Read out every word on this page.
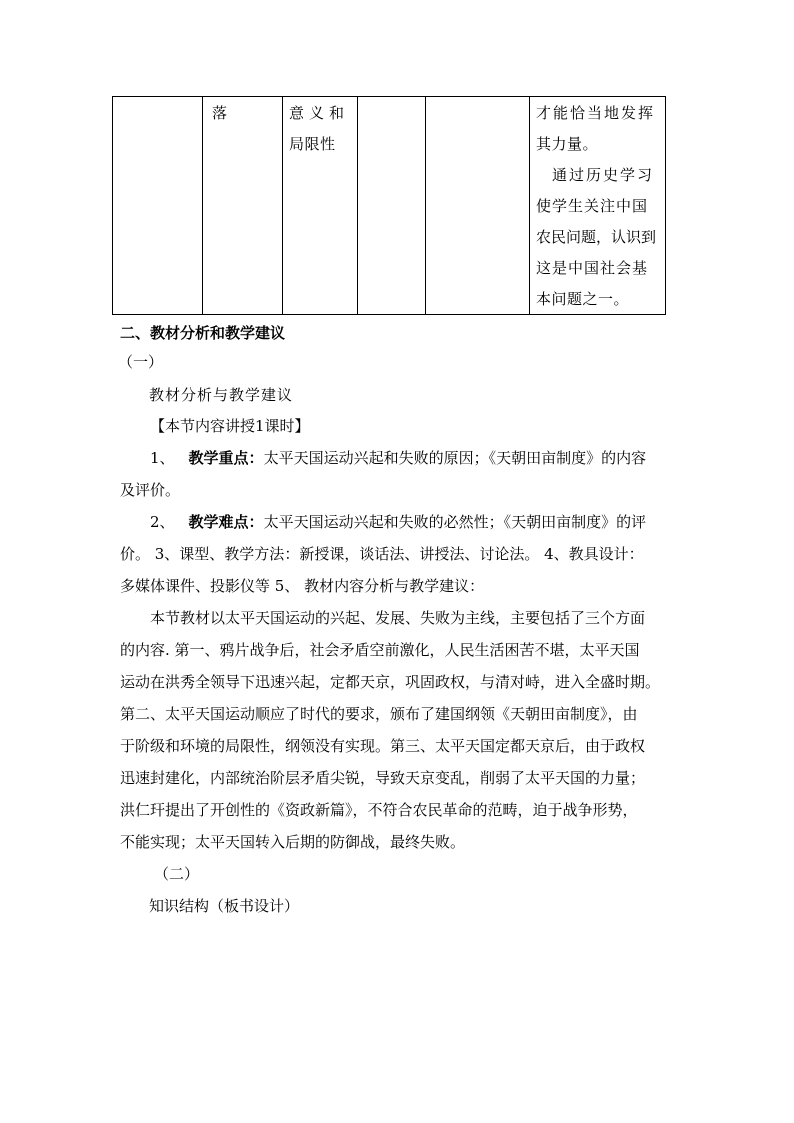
落	意义和
局限性
才能恰当地发挥
其力量。
通过历史学习
使学生关注中国
农民问题，认识到
这是中国社会基
本问题之一。
二、教材分析和教学建议
（一）
教材分析与教学建议
【本节内容讲授1课时】
1、 教学重点：太平天国运动兴起和失败的原因；《天朝田亩制度》的内容
及评价。
2、 教学难点：太平天国运动兴起和失败的必然性；《天朝田亩制度》的评
价。 3、课型、教学方法：新授课，谈话法、讲授法、讨论法。 4、教具设计：
多媒体课件、投影仪等 5、 教材内容分析与教学建议：
本节教材以太平天国运动的兴起、发展、失败为主线，主要包括了三个方面
的内容. 第一、鸦片战争后，社会矛盾空前激化，人民生活困苦不堪，太平天国
运动在洪秀全领导下迅速兴起，定都天京，巩固政权，与清对峙，进入全盛时期。
第二、太平天国运动顺应了时代的要求，颁布了建国纲领《天朝田亩制度》，由
于阶级和环境的局限性，纲领没有实现。第三、太平天国定都天京后，由于政权
迅速封建化，内部统治阶层矛盾尖锐，导致天京变乱，削弱了太平天国的力量；
洪仁玕提出了开创性的《资政新篇》，不符合农民革命的范畴，迫于战争形势，
不能实现；太平天国转入后期的防御战，最终失败。
（二）
知识结构（板书设计）
